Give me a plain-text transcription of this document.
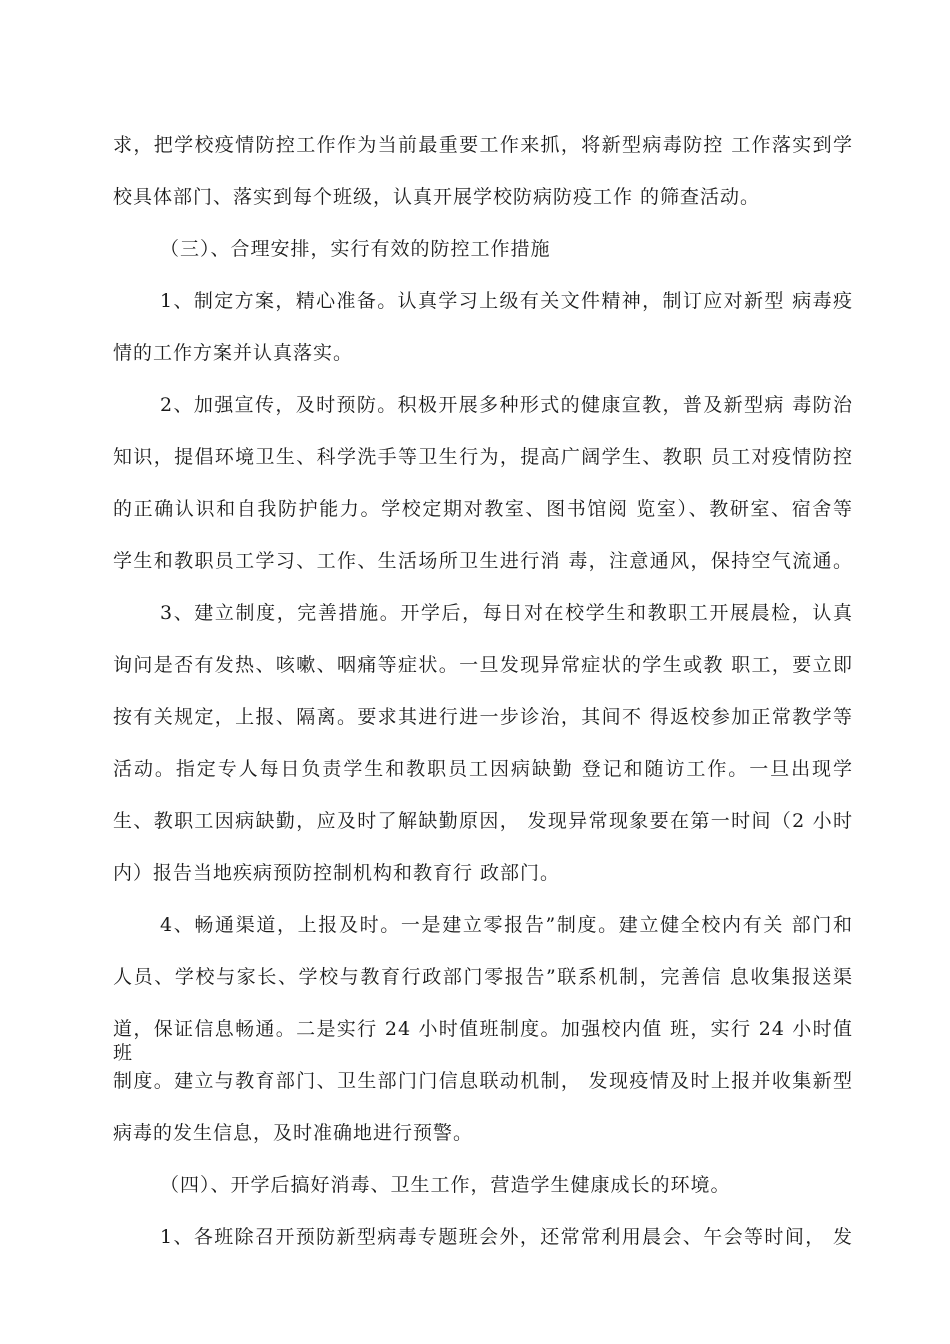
求，把学校疫情防控工作作为当前最重要工作来抓，将新型病毒防控 工作落实到学
校具体部门、落实到每个班级，认真开展学校防病防疫工作 的筛查活动。
（三）、合理安排，实行有效的防控工作措施
1、制定方案，精心准备。认真学习上级有关文件精神，制订应对新型 病毒疫
情的工作方案并认真落实。
2、加强宣传，及时预防。积极开展多种形式的健康宣教，普及新型病 毒防治
知识，提倡环境卫生、科学洗手等卫生行为，提高广阔学生、教职 员工对疫情防控
的正确认识和自我防护能力。学校定期对教室、图书馆阅 览室）、教研室、宿舍等
学生和教职员工学习、工作、生活场所卫生进行消 毒，注意通风，保持空气流通。
3、建立制度，完善措施。开学后，每日对在校学生和教职工开展晨检，认真
询问是否有发热、咳嗽、咽痛等症状。一旦发现异常症状的学生或教 职工，要立即
按有关规定，上报、隔离。要求其进行进一步诊治，其间不 得返校参加正常教学等
活动。指定专人每日负责学生和教职员工因病缺勤 登记和随访工作。一旦出现学
生、教职工因病缺勤，应及时了解缺勤原因， 发现异常现象要在第一时间（2 小时
内）报告当地疾病预防控制机构和教育行 政部门。
4、畅通渠道，上报及时。一是建立零报告”制度。建立健全校内有关 部门和
人员、学校与家长、学校与教育行政部门零报告”联系机制，完善信 息收集报送渠
道，保证信息畅通。二是实行 24 小时值班制度。加强校内值 班，实行 24 小时值班
制度。建立与教育部门、卫生部门门信息联动机制， 发现疫情及时上报并收集新型
病毒的发生信息，及时准确地进行预警。
（四）、开学后搞好消毒、卫生工作，营造学生健康成长的环境。
1、各班除召开预防新型病毒专题班会外，还常常利用晨会、午会等时间， 发
